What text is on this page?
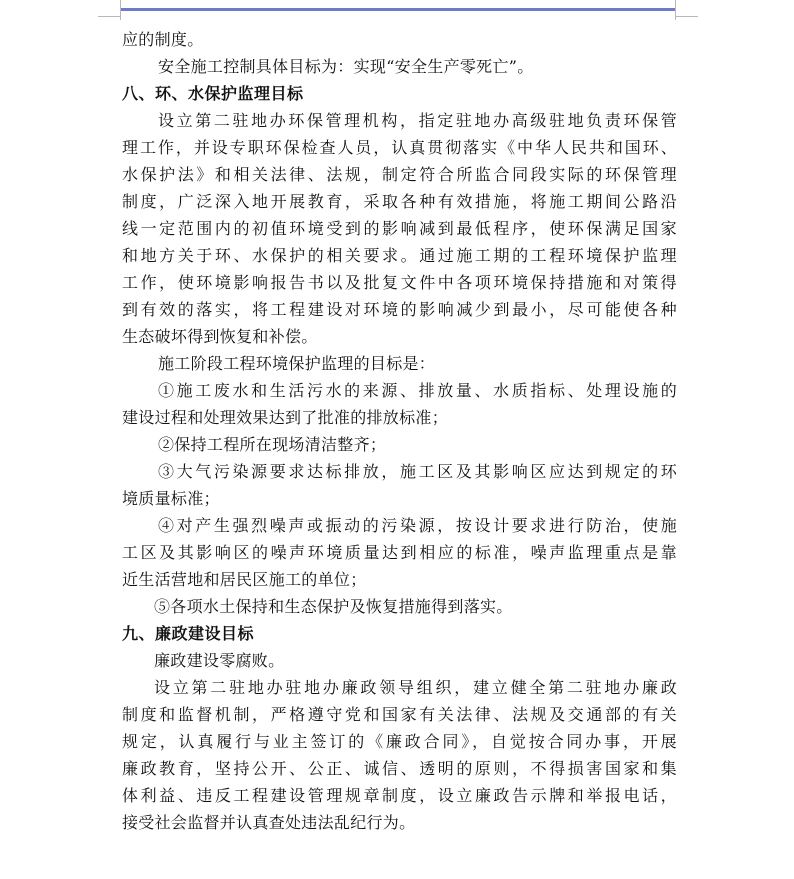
应的制度。
安全施工控制具体目标为：实现“安全生产零死亡”。
八、环、水保护监理目标
设立第二驻地办环保管理机构，指定驻地办高级驻地负责环保管
理工作，并设专职环保检查人员，认真贯彻落实《中华人民共和国环、
水保护法》和相关法律、法规，制定符合所监合同段实际的环保管理
制度，广泛深入地开展教育，采取各种有效措施，将施工期间公路沿
线一定范围内的初值环境受到的影响减到最低程序，使环保满足国家
和地方关于环、水保护的相关要求。通过施工期的工程环境保护监理
工作，使环境影响报告书以及批复文件中各项环境保持措施和对策得
到有效的落实，将工程建设对环境的影响减少到最小，尽可能使各种
生态破坏得到恢复和补偿。
施工阶段工程环境保护监理的目标是：
①施工废水和生活污水的来源、排放量、水质指标、处理设施的
建设过程和处理效果达到了批准的排放标准；
②保持工程所在现场清洁整齐；
③大气污染源要求达标排放，施工区及其影响区应达到规定的环
境质量标准；
④对产生强烈噪声或振动的污染源，按设计要求进行防治，使施
工区及其影响区的噪声环境质量达到相应的标准，噪声监理重点是靠
近生活营地和居民区施工的单位；
⑤各项水土保持和生态保护及恢复措施得到落实。
九、廉政建设目标
廉政建设零腐败。
设立第二驻地办驻地办廉政领导组织，建立健全第二驻地办廉政
制度和监督机制，严格遵守党和国家有关法律、法规及交通部的有关
规定，认真履行与业主签订的《廉政合同》，自觉按合同办事，开展
廉政教育，坚持公开、公正、诚信、透明的原则，不得损害国家和集
体利益、违反工程建设管理规章制度，设立廉政告示牌和举报电话，
接受社会监督并认真查处违法乱纪行为。
